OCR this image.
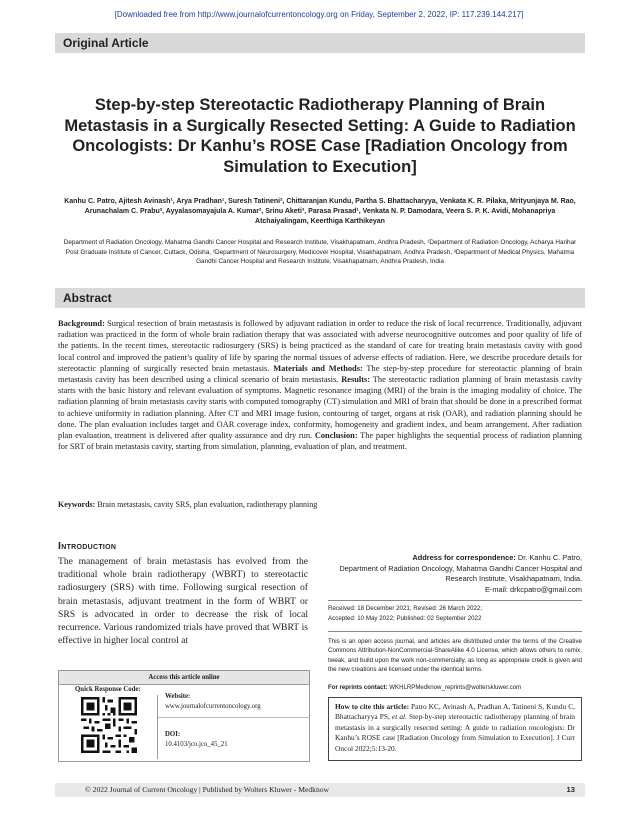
[Downloaded free from http://www.journalofcurrentoncology.org on Friday, September 2, 2022, IP: 117.239.144.217]
Original Article
Step-by-step Stereotactic Radiotherapy Planning of Brain Metastasis in a Surgically Resected Setting: A Guide to Radiation Oncologists: Dr Kanhu’s ROSE Case [Radiation Oncology from Simulation to Execution]
Kanhu C. Patro, Ajitesh Avinash¹, Arya Pradhan¹, Suresh Tatineni², Chittaranjan Kundu, Partha S. Bhattacharyya, Venkata K. R. Pilaka, Mrityunjaya M. Rao, Arunachalam C. Prabu², Ayyalasomayajula A. Kumar², Srinu Aketi³, Parasa Prasad¹, Venkata N. P. Damodara, Veera S. P. K. Avidi, Mohanapriya Atchaiyalingam, Keerthiga Karthikeyan
Department of Radiation Oncology, Mahatma Gandhi Cancer Hospital and Research Institute, Visakhapatnam, Andhra Pradesh, ¹Department of Radiation Oncology, Acharya Harihar Post Graduate Institute of Cancer, Cuttack, Odisha, ²Department of Neurosurgery, Medicover Hospital, Visakhapatnam, Andhra Pradesh, ³Department of Medical Physics, Mahatma Gandhi Cancer Hospital and Research Institute, Visakhapatnam, Andhra Pradesh, India
Abstract
Background: Surgical resection of brain metastasis is followed by adjuvant radiation in order to reduce the risk of local recurrence. Traditionally, adjuvant radiation was practiced in the form of whole brain radiation therapy that was associated with adverse neurocognitive outcomes and poor quality of life of the patients. In the recent times, stereotactic radiosurgery (SRS) is being practiced as the standard of care for treating brain metastasis cavity with good local control and improved the patient’s quality of life by sparing the normal tissues of adverse effects of radiation. Here, we describe procedure details for stereotactic planning of surgically resected brain metastasis. Materials and Methods: The step-by-step procedure for stereotactic planning of brain metastasis cavity has been described using a clinical scenario of brain metastasis. Results: The stereotactic radiation planning of brain metastasis cavity starts with the basic history and relevant evaluation of symptoms. Magnetic resonance imaging (MRI) of the brain is the imaging modality of choice. The radiation planning of brain metastasis cavity starts with computed tomography (CT) simulation and MRI of brain that should be done in a prescribed format to achieve uniformity in radiation planning. After CT and MRI image fusion, contouring of target, organs at risk (OAR), and radiation planning should be done. The plan evaluation includes target and OAR coverage index, conformity, homogeneity and gradient index, and beam arrangement. After radiation plan evaluation, treatment is delivered after quality assurance and dry run. Conclusion: The paper highlights the sequential process of radiation planning for SRT of brain metastasis cavity, starting from simulation, planning, evaluation of plan, and treatment.
Keywords: Brain metastasis, cavity SRS, plan evaluation, radiotherapy planning
Introduction
The management of brain metastasis has evolved from the traditional whole brain radiotherapy (WBRT) to stereotactic radiosurgery (SRS) with time. Following surgical resection of brain metastasis, adjuvant treatment in the form of WBRT or SRS is advocated in order to decrease the risk of local recurrence. Various randomized trials have proved that WBRT is effective in higher local control at
Address for correspondence: Dr. Kanhu C. Patro,
Department of Radiation Oncology, Mahatma Gandhi Cancer Hospital and
Research Institute, Visakhapatnam, India.
E-mail: drkcpatro@gmail.com
Received: 18 December 2021; Revised: 26 March 2022;
Accepted: 10 May 2022; Published: 02 September 2022
This is an open access journal, and articles are distributed under the terms of the Creative Commons Attribution-NonCommercial-ShareAlike 4.0 License, which allows others to remix, tweak, and build upon the work non-commercially, as long as appropriate credit is given and the new creations are licensed under the identical terms.
For reprints contact: WKHLRPMedknow_reprints@wolterskluwer.com
How to cite this article: Patro KC, Avinash A, Pradhan A, Tatineni S, Kundu C, Bhattacharyya PS, et al. Step-by-step stereotactic radiotherapy planning of brain metastasis in a surgically resected setting: A guide to radiation oncologists: Dr Kanhu’s ROSE case [Radiation Oncology from Simulation to Execution]. J Curr Oncol 2022;5:13-20.
Access this article online
Quick Response Code:
Website:
www.journalofcurrentoncology.org
DOI:
10.4103/jco.jco_45_21
© 2022 Journal of Current Oncology | Published by Wolters Kluwer - Medknow	13
